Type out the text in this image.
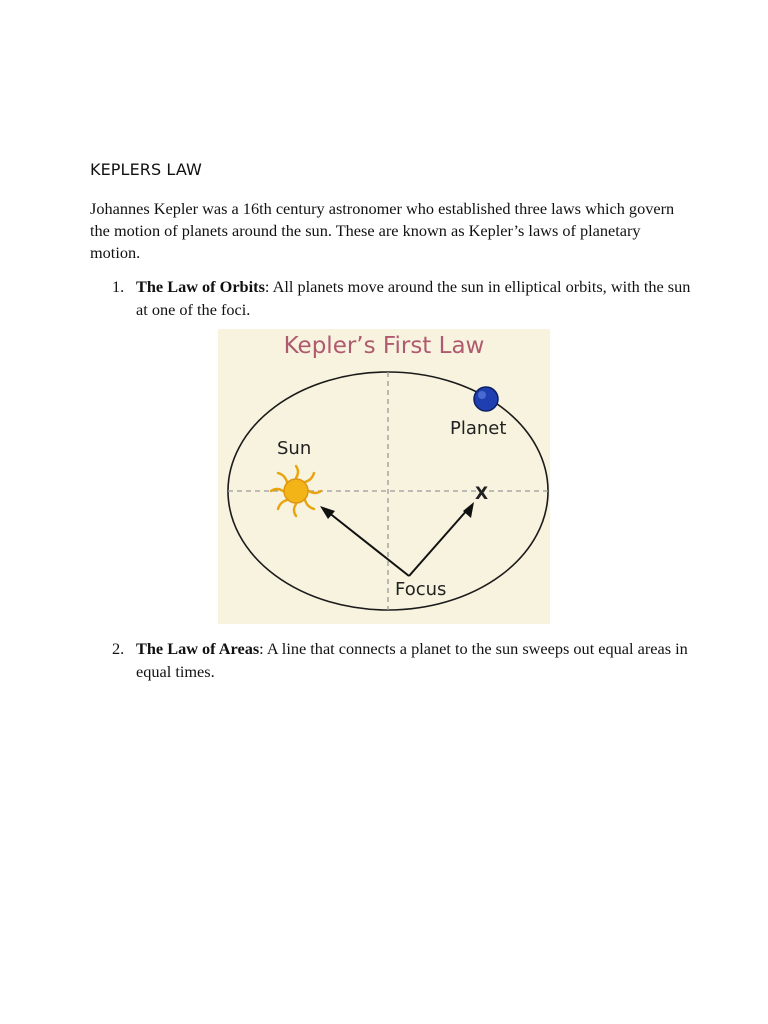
KEPLERS LAW

Johannes Kepler was a 16th century astronomer who established three laws which govern the motion of planets around the sun. These are known as Kepler’s laws of planetary motion.

1. The Law of Orbits: All planets move around the sun in elliptical orbits, with the sun at one of the foci.
Kepler’s First Law
Sun
Planet
Focus
X
2. The Law of Areas: A line that connects a planet to the sun sweeps out equal areas in equal times.
